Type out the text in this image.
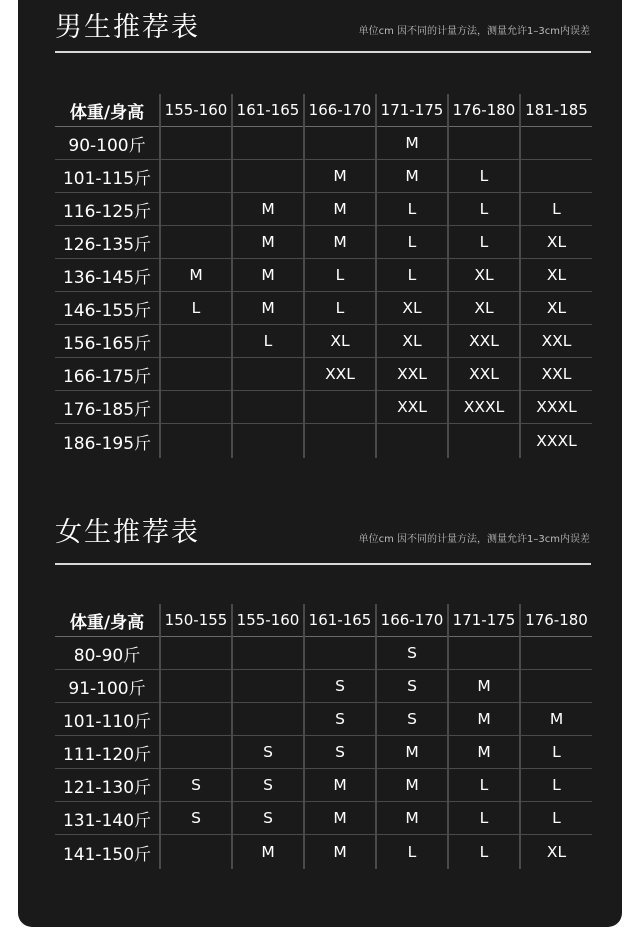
男生推荐表	单位cm 因不同的计量方法，测量允许1–3cm内误差
体重/身高	155-160	161-165	166-170	171-175	176-180	181-185
90-100斤				M		
101-115斤			M	M	L	
116-125斤		M	M	L	L	L
126-135斤		M	M	L	L	XL
136-145斤	M	M	L	L	XL	XL
146-155斤	L	M	L	XL	XL	XL
156-165斤		L	XL	XL	XXL	XXL
166-175斤			XXL	XXL	XXL	XXL
176-185斤				XXL	XXXL	XXXL
186-195斤						XXXL
女生推荐表	单位cm 因不同的计量方法，测量允许1–3cm内误差
体重/身高	150-155	155-160	161-165	166-170	171-175	176-180
80-90斤				S		
91-100斤			S	S	M	
101-110斤			S	S	M	M
111-120斤		S	S	M	M	L
121-130斤	S	S	M	M	L	L
131-140斤	S	S	M	M	L	L
141-150斤		M	M	L	L	XL
